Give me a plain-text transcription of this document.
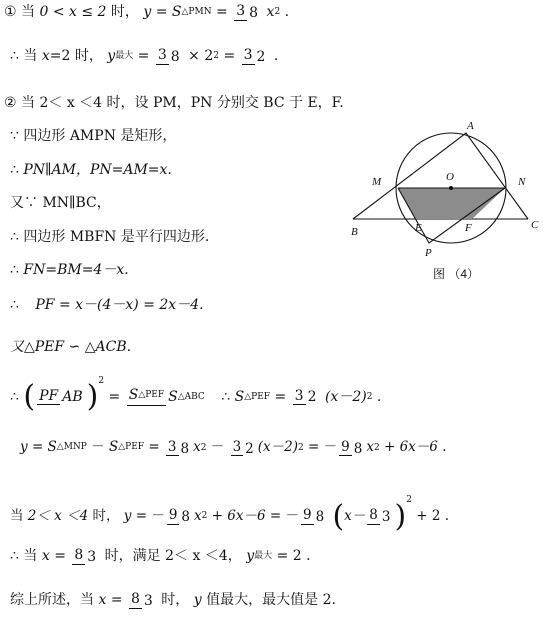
① 当 0 < x ≤ 2 时， y = S△PMN = 3 8 x2 .
∴ 当 x=2 时， y最大 = 3 8 × 22 = 3 2 .
② 当 2＜ x ＜4 时，设 PM，PN 分别交 BC 于 E，F.
∵ 四边形 AMPN 是矩形，
∴ PN∥AM，PN=AM=x.
又∵ MN∥BC，
∴ 四边形 MBFN 是平行四边形.
∴ FN=BM=4－x.
∴ PF = x－(4－x) = 2x－4.
又△PEF ∽ △ACB.
∴ ( PF AB )2 = S△PEF S△ABC ∴ S△PEF = 3 2 (x－2)2 .
y = S△MNP － S△PEF = 3 8 x2 － 3 2 (x－2)2 = － 9 8 x2 + 6x－6 .
当 2＜ x ＜4 时， y = － 9 8 x2 + 6x－6 = － 9 8 (x－ 8 3 )2 + 2 .
∴ 当 x = 8 3 时，满足 2＜ x ＜4， y最大 = 2 .
综上所述，当 x = 8 3 时， y 值最大，最大值是 2.
A
M	O	N
B	E	F	C
P
图 （4）
